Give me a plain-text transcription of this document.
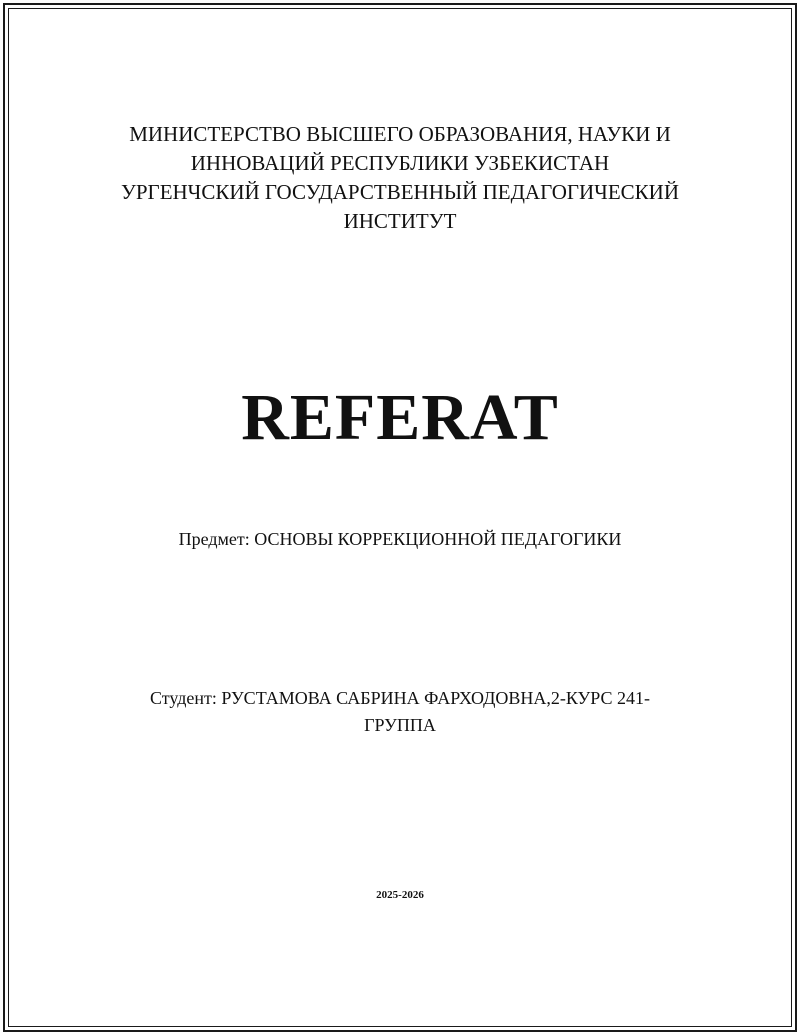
МИНИСТЕРСТВО ВЫСШЕГО ОБРАЗОВАНИЯ, НАУКИ И
ИННОВАЦИЙ РЕСПУБЛИКИ УЗБЕКИСТАН
УРГЕНЧСКИЙ ГОСУДАРСТВЕННЫЙ ПЕДАГОГИЧЕСКИЙ
ИНСТИТУТ
REFERAT
Предмет: ОСНОВЫ КОРРЕКЦИОННОЙ ПЕДАГОГИКИ
Студент: РУСТАМОВА САБРИНА ФАРХОДОВНА,2-КУРС 241-
ГРУППА
2025-2026
